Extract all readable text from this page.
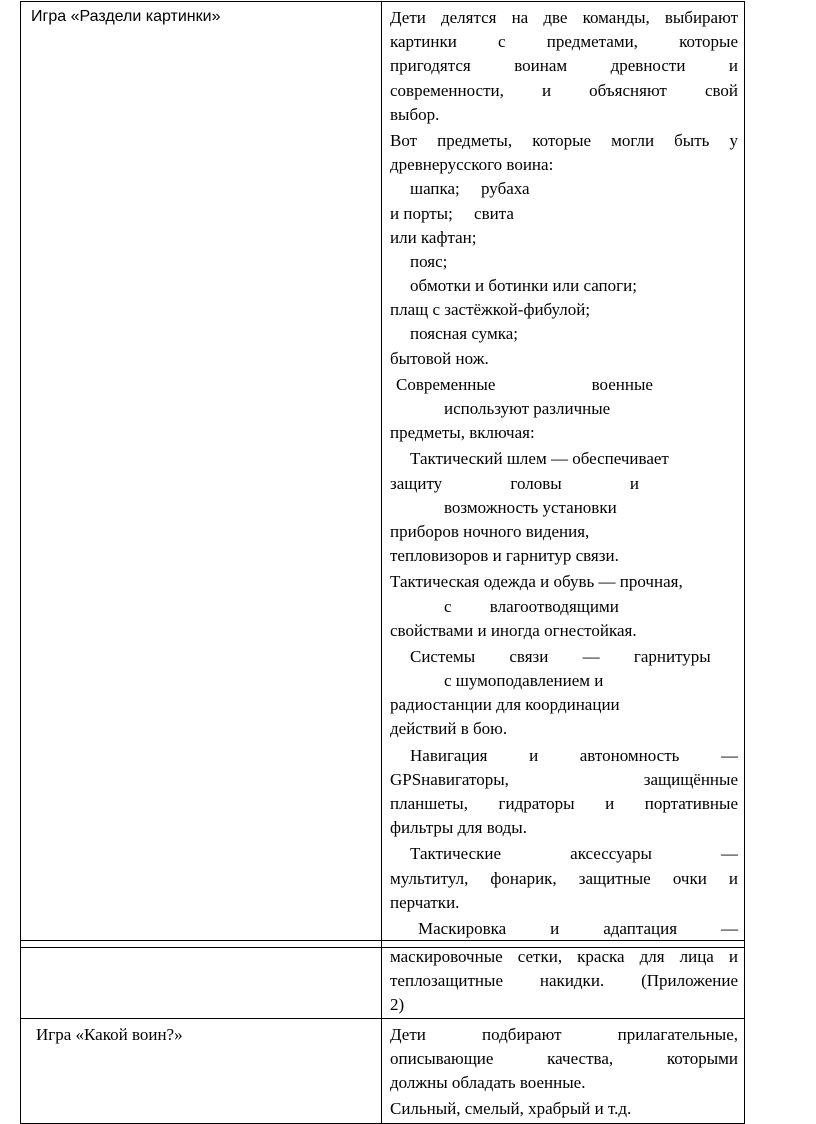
Игра «Раздели картинки»	Дети делятся на две команды, выбирают
картинки с предметами, которые
пригодятся воинам древности и
современности, и объясняют свой
выбор.
Вот предметы, которые могли быть у
древнерусского воина:
шапка;     рубаха
и порты;     свита
или кафтан;
пояс;
обмотки и ботинки или сапоги;
плащ с застёжкой-фибулой;
поясная сумка;
бытовой нож.
Современные военные
используют различные
предметы, включая:
Тактический шлем — обеспечивает
защиту головы и
возможность установки
приборов ночного видения,
тепловизоров и гарнитур связи.
Тактическая одежда и обувь — прочная,
с влагоотводящими
свойствами и иногда огнестойкая.
Системы связи — гарнитуры
с шумоподавлением и
радиостанции для координации
действий в бою.
Навигация и автономность —
GPSнавигаторы, защищённые
планшеты, гидраторы и портативные
фильтры для воды.
Тактические аксессуары —
мультитул, фонарик, защитные очки и
перчатки.
Маскировка и адаптация —

	маскировочные сетки, краска для лица и
теплозащитные накидки. (Приложение
2)

Игра «Какой воин?»	Дети подбирают прилагательные,
описывающие качества, которыми
должны обладать военные.
Сильный, смелый, храбрый и т.д.
